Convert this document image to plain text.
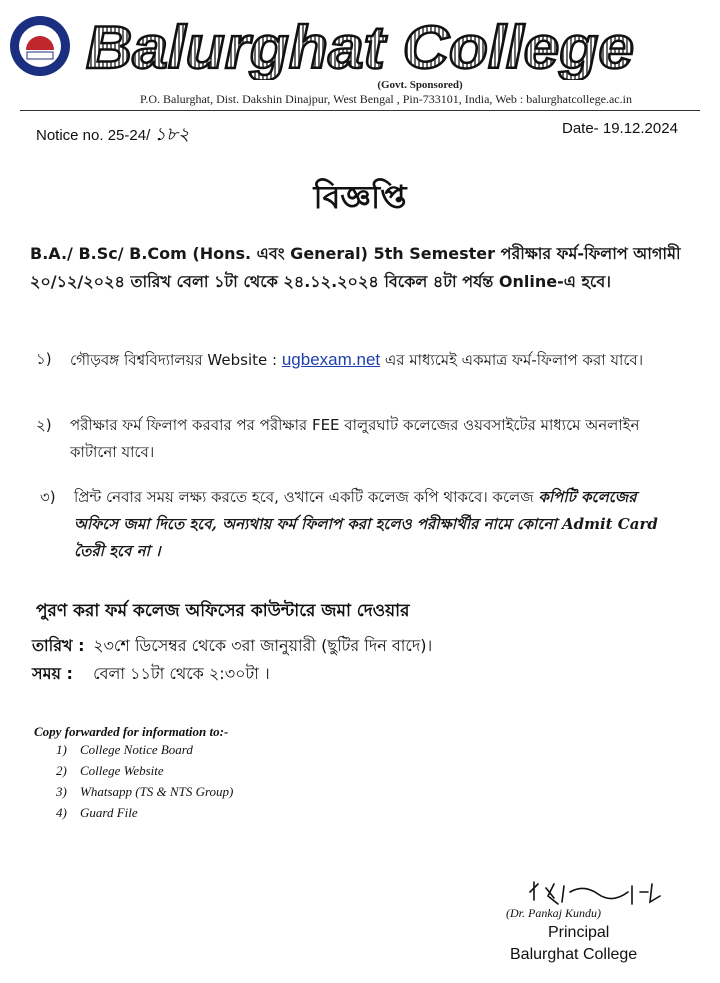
Balurghat College
(Govt. Sponsored)
P.O. Balurghat, Dist. Dakshin Dinajpur, West Bengal , Pin-733101, India, Web : balurghatcollege.ac.in
Notice no. 25-24/ ১৮২	Date- 19.12.2024
বিজ্ঞপ্তি
B.A./ B.Sc/ B.Com (Hons. এবং General) 5th Semester পরীক্ষার ফর্ম-ফিলাপ আগামী ২০/১২/২০২৪ তারিখ বেলা ১টা থেকে ২৪.১২.২০২৪ বিকেল ৪টা পর্যন্ত Online-এ হবে।
১) গৌড়বঙ্গ বিশ্ববিদ্যালয়র Website : ugbexam.net এর মাধ্যমেই একমাত্র ফর্ম-ফিলাপ করা যাবে।
২) পরীক্ষার ফর্ম ফিলাপ করবার পর পরীক্ষার FEE বালুরঘাট কলেজের ওয়বসাইটের মাধ্যমে অনলাইন কাটানো যাবে।
৩) প্রিন্ট নেবার সময় লক্ষ্য করতে হবে, ওখানে একটি কলেজ কপি থাকবে। কলেজ কপিটি কলেজের অফিসে জমা দিতে হবে, অন্যথায় ফর্ম ফিলাপ করা হলেও পরীক্ষার্থীর নামে কোনো Admit Card তৈরী হবে না ।
পুরণ করা ফর্ম কলেজ অফিসের কাউন্টারে জমা দেওয়ার
তারিখ : ২৩শে ডিসেম্বর থেকে ৩রা জানুয়ারী (ছুটির দিন বাদে)।
সময় : বেলা ১১টা থেকে ২:৩০টা ।
Copy forwarded for information to:-
1) College Notice Board
2) College Website
3) Whatsapp (TS & NTS Group)
4) Guard File
(Dr. Pankaj Kundu)
Principal
Balurghat College
